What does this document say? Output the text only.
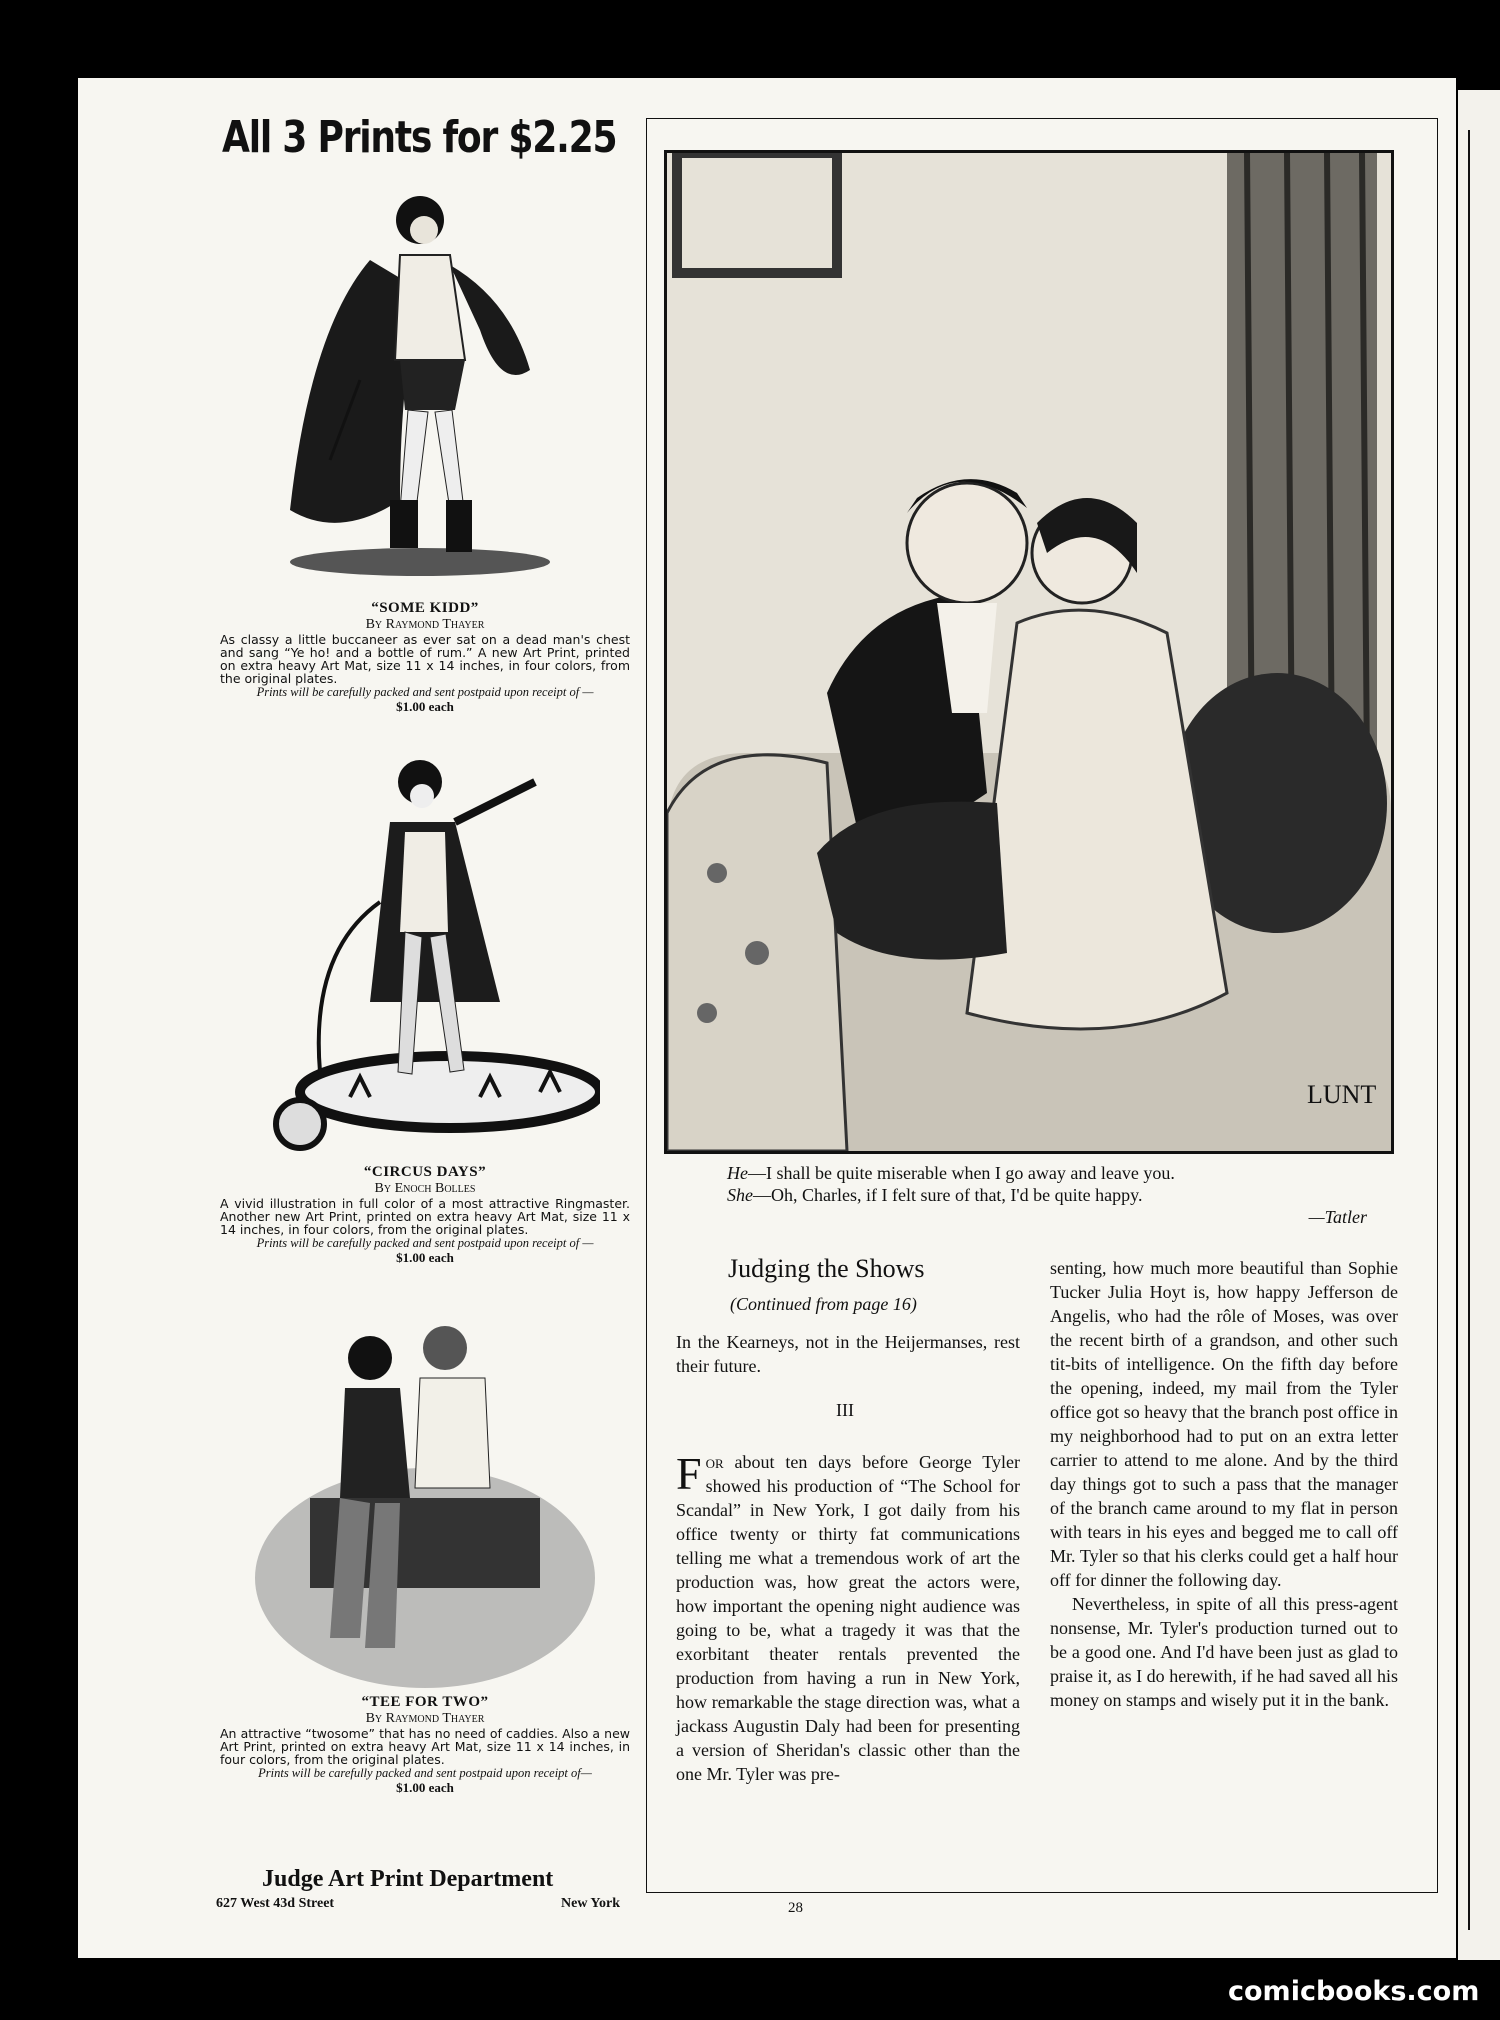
All 3 Prints for $2.25
“SOME KIDD”
By Raymond Thayer
As classy a little buccaneer as ever sat on a dead man's chest and sang “Ye ho! and a bottle of rum.” A new Art Print, printed on extra heavy Art Mat, size 11 x 14 inches, in four colors, from the original plates.
Prints will be carefully packed and sent postpaid upon receipt of —
$1.00 each
“CIRCUS DAYS”
By Enoch Bolles
A vivid illustration in full color of a most attractive Ringmaster. Another new Art Print, printed on extra heavy Art Mat, size 11 x 14 inches, in four colors, from the original plates.
Prints will be carefully packed and sent postpaid upon receipt of —
$1.00 each
“TEE FOR TWO”
By Raymond Thayer
An attractive “twosome” that has no need of caddies. Also a new Art Print, printed on extra heavy Art Mat, size 11 x 14 inches, in four colors, from the original plates.
Prints will be carefully packed and sent postpaid upon receipt of—
$1.00 each
Judge Art Print Department
627 West 43d Street	New York
LUNT
He—I shall be quite miserable when I go away and leave you.
She—Oh, Charles, if I felt sure of that, I'd be quite happy.
—Tatler
Judging the Shows
(Continued from page 16)
In the Kearneys, not in the Heijermanses, rest their future.
III
For about ten days before George Tyler showed his production of “The School for Scandal” in New York, I got daily from his office twenty or thirty fat communications telling me what a tremendous work of art the production was, how great the actors were, how important the opening night audience was going to be, what a tragedy it was that the exorbitant theater rentals prevented the production from having a run in New York, how remarkable the stage direction was, what a jackass Augustin Daly had been for presenting a version of Sheridan's classic other than the one Mr. Tyler was pre-
senting, how much more beautiful than Sophie Tucker Julia Hoyt is, how happy Jefferson de Angelis, who had the rôle of Moses, was over the recent birth of a grandson, and other such tit-bits of intelligence. On the fifth day before the opening, indeed, my mail from the Tyler office got so heavy that the branch post office in my neighborhood had to put on an extra letter carrier to attend to me alone. And by the third day things got to such a pass that the manager of the branch came around to my flat in person with tears in his eyes and begged me to call off Mr. Tyler so that his clerks could get a half hour off for dinner the following day.
Nevertheless, in spite of all this press-agent nonsense, Mr. Tyler's production turned out to be a good one. And I'd have been just as glad to praise it, as I do herewith, if he had saved all his money on stamps and wisely put it in the bank.
28
comicbooks.com
